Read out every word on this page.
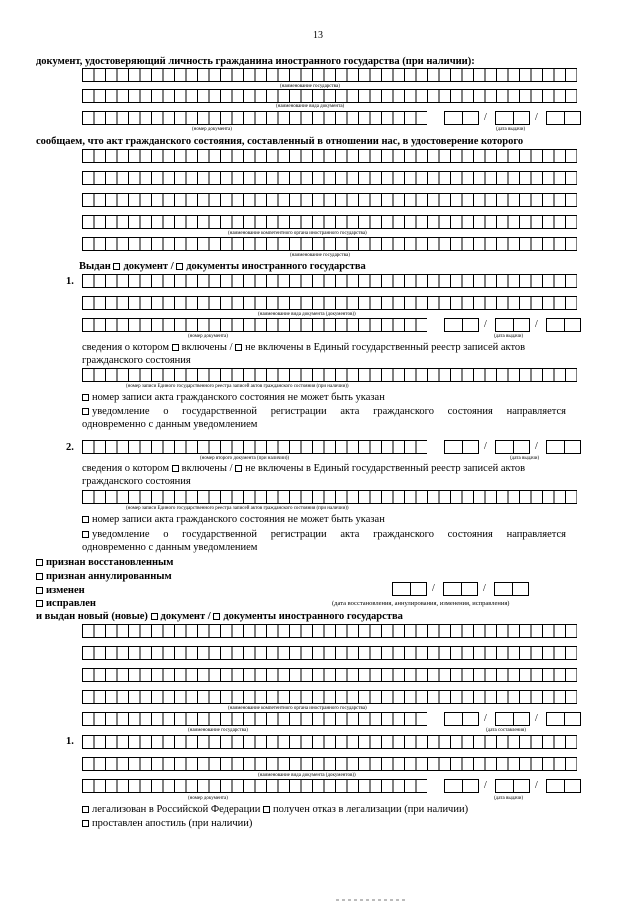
13
документ, удостоверяющий личность гражданина иностранного государства (при наличии):
(наименование государства)
(наименование вида документа)
/	/
(номер документа)	(дата выдачи)
сообщаем, что акт гражданского состояния, составленный в отношении нас, в удостоверение которого
(наименование компетентного органа иностранного государства)
(наименование государства)
Выдан документ / документы иностранного государства
1.
(наименование вида документа (документов))
/	/
(номер документа)	(дата выдачи)
сведения о котором включены / не включены в Единый государственный реестр записей актов
гражданского состояния
(номер записи Единого государственного реестра записей актов гражданского состояния (при наличии))
номер записи акта гражданского состояния не может быть указан
уведомление о государственной регистрации акта гражданского состояния направляется
одновременно с данным уведомлением
2.	/	/
(номер второго документа (при наличии))	(дата выдачи)
сведения о котором включены / не включены в Единый государственный реестр записей актов
гражданского состояния
(номер записи Единого государственного реестра записей актов гражданского состояния (при наличии))
номер записи акта гражданского состояния не может быть указан
уведомление о государственной регистрации акта гражданского состояния направляется
одновременно с данным уведомлением
признан восстановленным
признан аннулированным
изменен
исправлен
/	/
(дата восстановления, аннулирования, изменения, исправления)
и выдан новый (новые) документ / документы иностранного государства
(наименование компетентного органа иностранного государства)
/	/
(наименование государства)	(дата составления)
1.
(наименование вида документа (документов))
/	/
(номер документа)	(дата выдачи)
легализован в Российской Федерации получен отказ в легализации (при наличии)
проставлен апостиль (при наличии)
